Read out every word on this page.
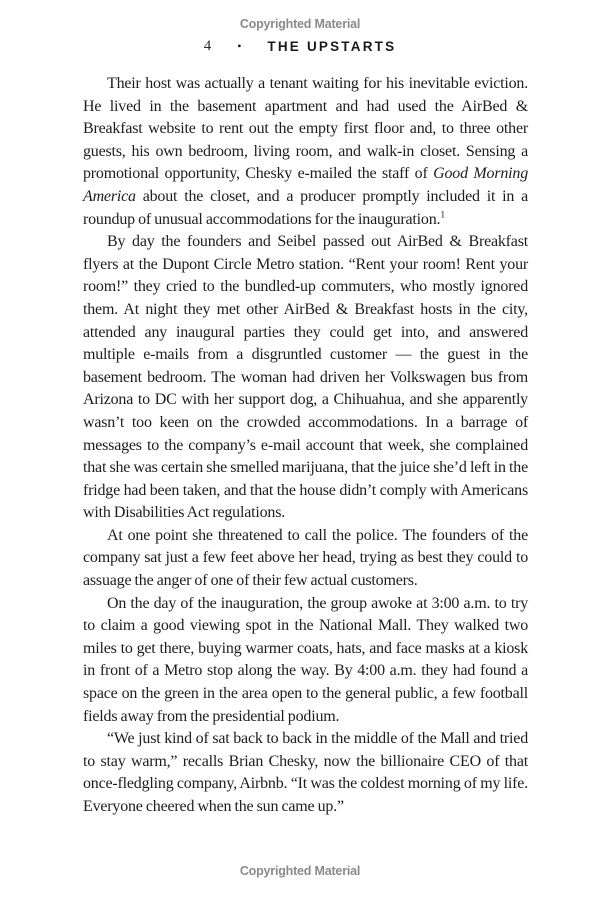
Copyrighted Material
4 • THE UPSTARTS

Their host was actually a tenant waiting for his inevitable eviction. He lived in the basement apartment and had used the AirBed & Breakfast website to rent out the empty first floor and, to three other guests, his own bedroom, living room, and walk-in closet. Sensing a promotional opportunity, Chesky e-mailed the staff of Good Morning America about the closet, and a producer promptly included it in a roundup of unusual accommodations for the inauguration.$^1$

By day the founders and Seibel passed out AirBed & Breakfast flyers at the Dupont Circle Metro station. “Rent your room! Rent your room!” they cried to the bundled-up commuters, who mostly ignored them. At night they met other AirBed & Breakfast hosts in the city, attended any inaugural parties they could get into, and answered multiple e-mails from a disgruntled customer — the guest in the basement bedroom. The woman had driven her Volkswagen bus from Arizona to DC with her support dog, a Chihuahua, and she apparently wasn’t too keen on the crowded accommodations. In a barrage of messages to the company’s e-mail account that week, she complained that she was certain she smelled marijuana, that the juice she’d left in the fridge had been taken, and that the house didn’t comply with Americans with Disabilities Act regulations.

At one point she threatened to call the police. The founders of the company sat just a few feet above her head, trying as best they could to assuage the anger of one of their few actual customers.

On the day of the inauguration, the group awoke at 3:00 a.m. to try to claim a good viewing spot in the National Mall. They walked two miles to get there, buying warmer coats, hats, and face masks at a kiosk in front of a Metro stop along the way. By 4:00 a.m. they had found a space on the green in the area open to the general public, a few football fields away from the presidential podium.

“We just kind of sat back to back in the middle of the Mall and tried to stay warm,” recalls Brian Chesky, now the billionaire CEO of that once-fledgling company, Airbnb. “It was the coldest morning of my life. Everyone cheered when the sun came up.”

Copyrighted Material
